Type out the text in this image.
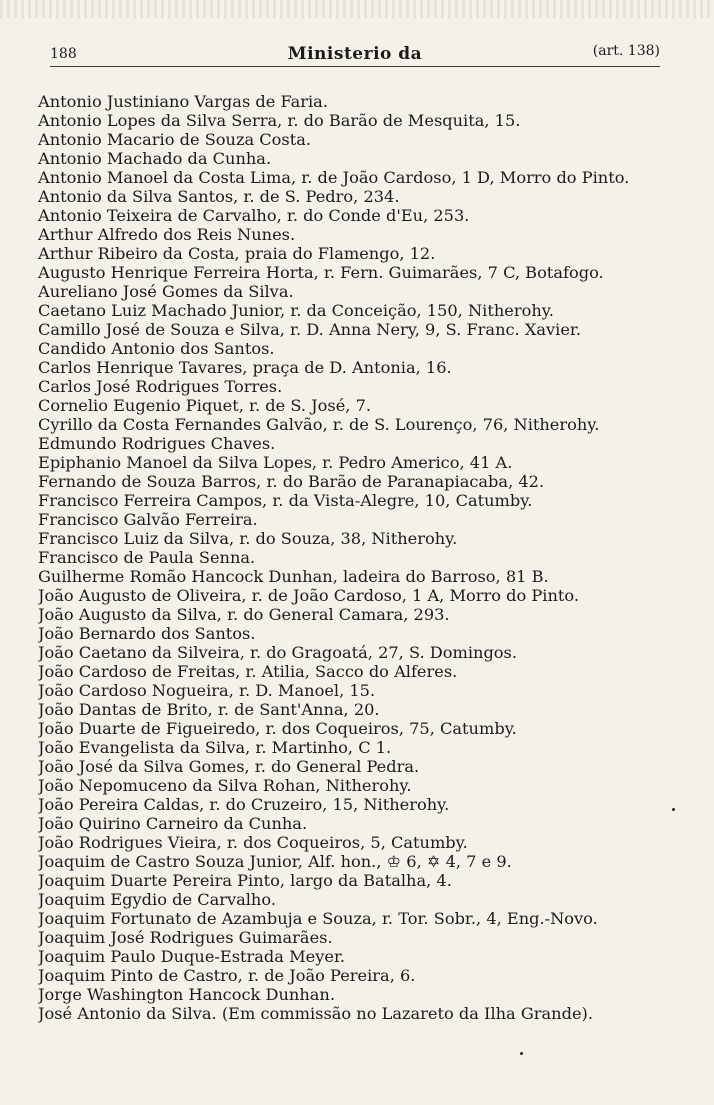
188	Ministerio da	(art. 138)
Antonio Justiniano Vargas de Faria.
Antonio Lopes da Silva Serra, r. do Barão de Mesquita, 15.
Antonio Macario de Souza Costa.
Antonio Machado da Cunha.
Antonio Manoel da Costa Lima, r. de João Cardoso, 1 D, Morro do Pinto.
Antonio da Silva Santos, r. de S. Pedro, 234.
Antonio Teixeira de Carvalho, r. do Conde d'Eu, 253.
Arthur Alfredo dos Reis Nunes.
Arthur Ribeiro da Costa, praia do Flamengo, 12.
Augusto Henrique Ferreira Horta, r. Fern. Guimarães, 7 C, Botafogo.
Aureliano José Gomes da Silva.
Caetano Luiz Machado Junior, r. da Conceição, 150, Nitherohy.
Camillo José de Souza e Silva, r. D. Anna Nery, 9, S. Franc. Xavier.
Candido Antonio dos Santos.
Carlos Henrique Tavares, praça de D. Antonia, 16.
Carlos José Rodrigues Torres.
Cornelio Eugenio Piquet, r. de S. José, 7.
Cyrillo da Costa Fernandes Galvão, r. de S. Lourenço, 76, Nitherohy.
Edmundo Rodrigues Chaves.
Epiphanio Manoel da Silva Lopes, r. Pedro Americo, 41 A.
Fernando de Souza Barros, r. do Barão de Paranapiacaba, 42.
Francisco Ferreira Campos, r. da Vista-Alegre, 10, Catumby.
Francisco Galvão Ferreira.
Francisco Luiz da Silva, r. do Souza, 38, Nitherohy.
Francisco de Paula Senna.
Guilherme Romão Hancock Dunhan, ladeira do Barroso, 81 B.
João Augusto de Oliveira, r. de João Cardoso, 1 A, Morro do Pinto.
João Augusto da Silva, r. do General Camara, 293.
João Bernardo dos Santos.
João Caetano da Silveira, r. do Gragoatá, 27, S. Domingos.
João Cardoso de Freitas, r. Atilia, Sacco do Alferes.
João Cardoso Nogueira, r. D. Manoel, 15.
João Dantas de Brito, r. de Sant'Anna, 20.
João Duarte de Figueiredo, r. dos Coqueiros, 75, Catumby.
João Evangelista da Silva, r. Martinho, C 1.
João José da Silva Gomes, r. do General Pedra.
João Nepomuceno da Silva Rohan, Nitherohy.
João Pereira Caldas, r. do Cruzeiro, 15, Nitherohy.
João Quirino Carneiro da Cunha.
João Rodrigues Vieira, r. dos Coqueiros, 5, Catumby.
Joaquim de Castro Souza Junior, Alf. hon., ♔ 6, ✡ 4, 7 e 9.
Joaquim Duarte Pereira Pinto, largo da Batalha, 4.
Joaquim Egydio de Carvalho.
Joaquim Fortunato de Azambuja e Souza, r. Tor. Sobr., 4, Eng.-Novo.
Joaquim José Rodrigues Guimarães.
Joaquim Paulo Duque-Estrada Meyer.
Joaquim Pinto de Castro, r. de João Pereira, 6.
Jorge Washington Hancock Dunhan.
José Antonio da Silva. (Em commissão no Lazareto da Ilha Grande).
